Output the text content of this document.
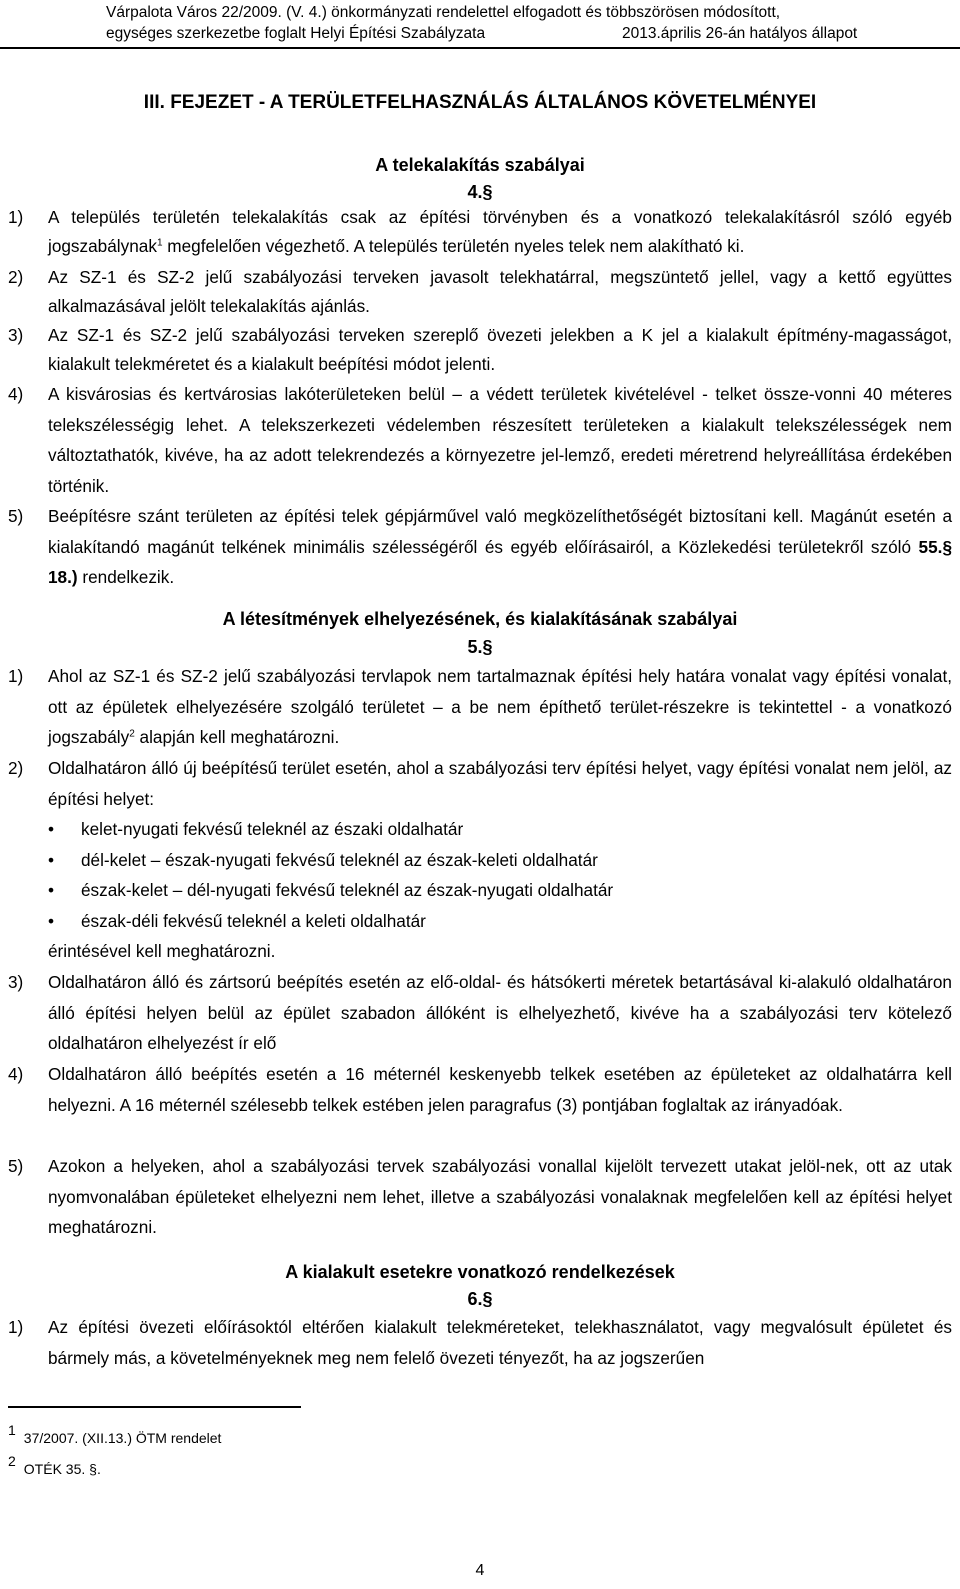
Várpalota Város 22/2009. (V. 4.) önkormányzati rendelettel elfogadott és többszörösen módosított,
egységes szerkezetbe foglalt Helyi Építési Szabályzata	2013.április 26-án hatályos állapot
III. FEJEZET - A TERÜLETFELHASZNÁLÁS ÁLTALÁNOS KÖVETELMÉNYEI
A telekalakítás szabályai
4.§
1) A település területén telekalakítás csak az építési törvényben és a vonatkozó telekalakításról szóló egyéb jogszabálynak$^1$ megfelelően végezhető. A település területén nyeles telek nem alakítható ki.
2) Az SZ-1 és SZ-2 jelű szabályozási terveken javasolt telekhatárral, megszüntető jellel, vagy a kettő együttes alkalmazásával jelölt telekalakítás ajánlás.
3) Az SZ-1 és SZ-2 jelű szabályozási terveken szereplő övezeti jelekben a K jel a kialakult építmény-magasságot, kialakult telekméretet és a kialakult beépítési módot jelenti.
4) A kisvárosias és kertvárosias lakóterületeken belül – a védett területek kivételével - telket össze-vonni 40 méteres telekszélességig lehet. A telekszerkezeti védelemben részesített területeken a kialakult telekszélességek nem változtathatók, kivéve, ha az adott telekrendezés a környezetre jel-lemző, eredeti méretrend helyreállítása érdekében történik.
5) Beépítésre szánt területen az építési telek gépjárművel való megközelíthetőségét biztosítani kell. Magánút esetén a kialakítandó magánút telkének minimális szélességéről és egyéb előírásairól, a Közlekedési területekről szóló 55.§ 18.) rendelkezik.
A létesítmények elhelyezésének, és kialakításának szabályai
5.§
1) Ahol az SZ-1 és SZ-2 jelű szabályozási tervlapok nem tartalmaznak építési hely határa vonalat vagy építési vonalat, ott az épületek elhelyezésére szolgáló területet – a be nem építhető terület-részekre is tekintettel - a vonatkozó jogszabály$^2$ alapján kell meghatározni.
2) Oldalhatáron álló új beépítésű terület esetén, ahol a szabályozási terv építési helyet, vagy építési vonalat nem jelöl, az építési helyet:
• kelet-nyugati fekvésű teleknél az északi oldalhatár
• dél-kelet – észak-nyugati fekvésű teleknél az észak-keleti oldalhatár
• észak-kelet – dél-nyugati fekvésű teleknél az észak-nyugati oldalhatár
• észak-déli fekvésű teleknél a keleti oldalhatár
érintésével kell meghatározni.
3) Oldalhatáron álló és zártsorú beépítés esetén az elő-oldal- és hátsókerti méretek betartásával ki-alakuló oldalhatáron álló építési helyen belül az épület szabadon állóként is elhelyezhető, kivéve ha a szabályozási terv kötelező oldalhatáron elhelyezést ír elő
4) Oldalhatáron álló beépítés esetén a 16 méternél keskenyebb telkek esetében az épületeket az oldalhatárra kell helyezni. A 16 méternél szélesebb telkek estében jelen paragrafus (3) pontjában foglaltak az irányadóak.
5) Azokon a helyeken, ahol a szabályozási tervek szabályozási vonallal kijelölt tervezett utakat jelöl-nek, ott az utak nyomvonalában épületeket elhelyezni nem lehet, illetve a szabályozási vonalaknak megfelelően kell az építési helyet meghatározni.
A kialakult esetekre vonatkozó rendelkezések
6.§
1) Az építési övezeti előírásoktól eltérően kialakult telekméreteket, telekhasználatot, vagy megvalósult épületet és bármely más, a követelményeknek meg nem felelő övezeti tényezőt, ha az jogszerűen
1 37/2007. (XII.13.) ÖTM rendelet
2 OTÉK 35. §.
4
